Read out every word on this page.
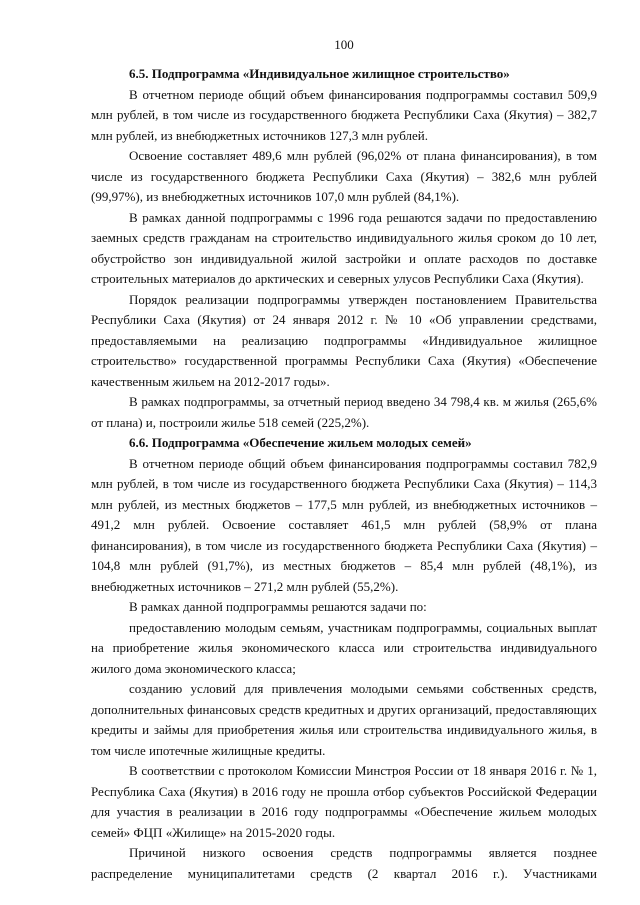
100
6.5. Подпрограмма «Индивидуальное жилищное строительство»

В отчетном периоде общий объем финансирования подпрограммы составил 509,9 млн рублей, в том числе из государственного бюджета Республики Саха (Якутия) – 382,7 млн рублей, из внебюджетных источников 127,3 млн рублей.

Освоение составляет 489,6 млн рублей (96,02% от плана финансирования), в том числе из государственного бюджета Республики Саха (Якутия) – 382,6 млн рублей (99,97%), из внебюджетных источников 107,0 млн рублей (84,1%).

В рамках данной подпрограммы с 1996 года решаются задачи по предоставлению заемных средств гражданам на строительство индивидуального жилья сроком до 10 лет, обустройство зон индивидуальной жилой застройки и оплате расходов по доставке строительных материалов до арктических и северных улусов Республики Саха (Якутия).

Порядок реализации подпрограммы утвержден постановлением Правительства Республики Саха (Якутия) от 24 января 2012 г. № 10 «Об управлении средствами, предоставляемыми на реализацию подпрограммы «Индивидуальное жилищное строительство» государственной программы Республики Саха (Якутия) «Обеспечение качественным жильем на 2012-2017 годы».

В рамках подпрограммы, за отчетный период введено 34 798,4 кв. м жилья (265,6% от плана) и, построили жилье 518 семей (225,2%).

6.6. Подпрограмма «Обеспечение жильем молодых семей»

В отчетном периоде общий объем финансирования подпрограммы составил 782,9 млн рублей, в том числе из государственного бюджета Республики Саха (Якутия) – 114,3 млн рублей, из местных бюджетов – 177,5 млн рублей, из внебюджетных источников – 491,2 млн рублей. Освоение составляет 461,5 млн рублей (58,9% от плана финансирования), в том числе из государственного бюджета Республики Саха (Якутия) – 104,8 млн рублей (91,7%), из местных бюджетов – 85,4 млн рублей (48,1%), из внебюджетных источников – 271,2 млн рублей (55,2%).

В рамках данной подпрограммы решаются задачи по:

предоставлению молодым семьям, участникам подпрограммы, социальных выплат на приобретение жилья экономического класса или строительства индивидуального жилого дома экономического класса;

созданию условий для привлечения молодыми семьями собственных средств, дополнительных финансовых средств кредитных и других организаций, предоставляющих кредиты и займы для приобретения жилья или строительства индивидуального жилья, в том числе ипотечные жилищные кредиты.

В соответствии с протоколом Комиссии Минстроя России от 18 января 2016 г. № 1, Республика Саха (Якутия) в 2016 году не прошла отбор субъектов Российской Федерации для участия в реализации в 2016 году подпрограммы «Обеспечение жильем молодых семей» ФЦП «Жилище» на 2015-2020 годы.

Причиной низкого освоения средств подпрограммы является позднее распределение муниципалитетами средств (2 квартал 2016 г.). Участниками
